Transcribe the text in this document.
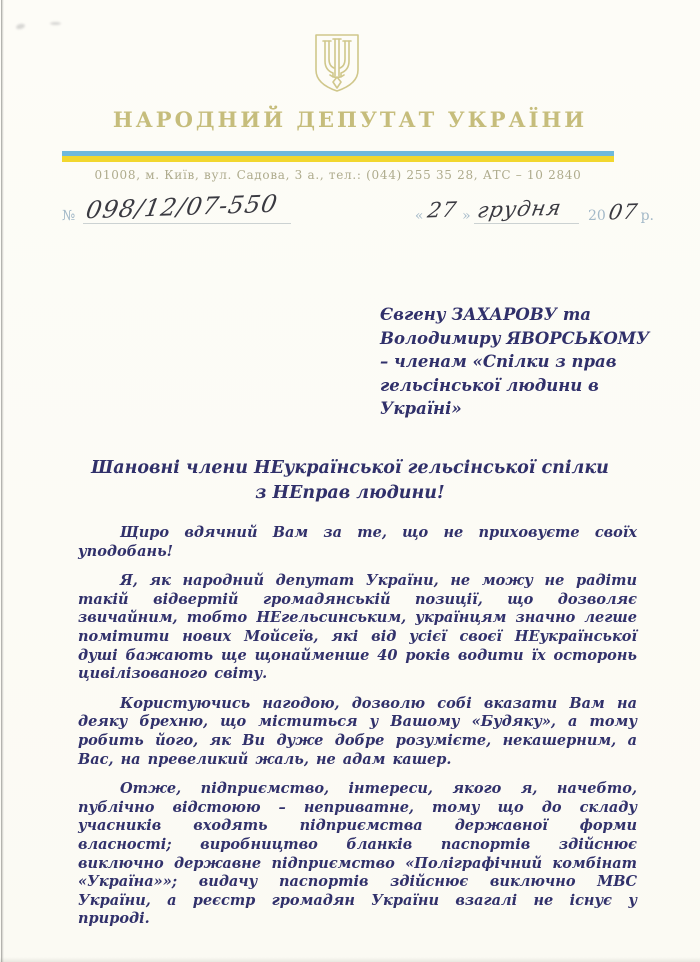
НАРОДНИЙ ДЕПУТАТ УКРАЇНИ
01008, м. Київ, вул. Садова, 3 а., тел.: (044) 255 35 28, АТС – 10 2840
№ 098/12/07-550	« 27 » грудня	20 07 р.
Євгену ЗАХАРОВУ та
Володимиру ЯВОРСЬКОМУ
– членам «Спілки з прав
гельсінської людини в Україні»
Шановні члени НЕукраїнської гельсінської спілки
з НЕправ людини!

Щиро вдячний Вам за те, що не приховуєте своїх уподобань!

Я, як народний депутат України, не можу не радіти такій відвертій громадянській позиції, що дозволяє звичайним, тобто НЕгельсинським, українцям значно легше помітити нових Мойсеїв, які від усієї своєї НЕукраїнської душі бажають ще щонайменше 40 років водити їх осторонь цивілізованого світу.

Користуючись нагодою, дозволю собі вказати Вам на деяку брехню, що міститься у Вашому «Будяку», а тому робить його, як Ви дуже добре розумієте, некашерним, а Вас, на превеликий жаль, не адам кашер.

Отже, підприємство, інтереси, якого я, начебто, публічно відстоюю – неприватне, тому що до складу учасників входять підприємства державної форми власності; виробництво бланків паспортів здійснює виключно державне підприємство «Поліграфічний комбінат «Україна»»; видачу паспортів здійснює виключно МВС України, а реєстр громадян України взагалі не існує у природі.
